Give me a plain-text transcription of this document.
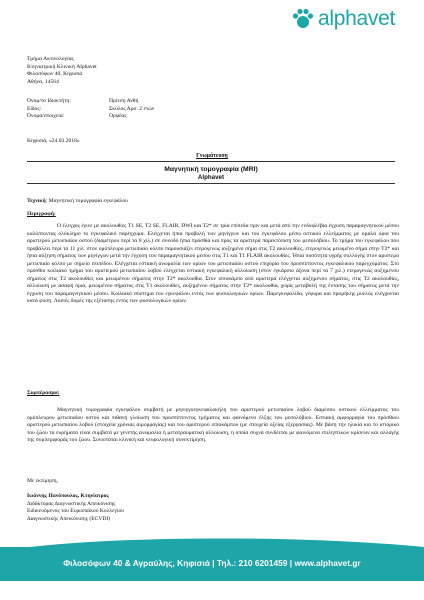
alphavet
Τμήμα Ακτινολογίας
Κτηνιατρική Κλινική Alphavet
Φιλοσόφων 40, Κηφισιά
Αθήνα, 14564
Όνομ/το Ιδιοκτήτη:	Πρίτση Ανθή
Είδος:	Σκύλος Αρσ. 2 ετών
Όνομα/στοιχεία:	Ορφέας
Κηφισιά, «24.03.2018»
Γνωμάτευση
Μαγνητική τομογραφία (MRI)
Alphavet
Τεχνική: Μαγνητική τομογραφία εγκεφάλου
Περιγραφή:
Ο έλεγχος έγινε με ακολουθίες T1 SE, T2 SE, FLAIR, DWI και T2* σε τρία επίπεδα πριν και μετά από την ενδοφλέβια έγχυση παραμαγνητικού μέσου καλύπτοντας ολόκληρο το εγκεφαλικό παρέγχυμα. Ελέγχεται ήπια προβολή των μηνίγγων και του εγκεφάλου μέσω οστικού ελλείμματος με ομαλά όρια του αριστερού μετωπιαίου οστού (διαμέτρου περί τα 8 χιλ.) σε συνοδό ήπια πρόσθια και προς τα αριστερά παρεκτόπιση του μεσολόβιου. Το τμήμα του εγκεφάλου που προβάλλει περί τα 11 χιλ. στον ομόπλευρο μετωπιαίο κόλπο παρουσιάζει ετερογενώς αυξημένο σήμα στις T2 ακολουθίες, ετερογενώς μειωμένο σήμα στην T2* και ήπια αύξηση σήματος των μηνίγγων μετά την έγχυση του παραμαγνητικού μέσου στις T1 και T1 FLAIR ακολουθίες. Ήπια ποσότητα υγρής συλλογής στον αριστερό μετωπιαίο κόλπο με σημείο επιπέδου. Ελέγχεται εστιακή ανωμαλία των ορίων του μετωπιαίου οστού επιχόρια του προσπίπτοντος εγκεφαλικού παρεγχύματος. Στο πρόσθιο κοιλιακό τμήμα του αριστερού μετωπιαίου λοβού ελέγχεται εστιακή εγκεφαλική αλλοίωση (στον εγκάρσιο άξονα περί τα 7 χιλ.) ετερογενώς αυξημένου σήματος στις T2 ακολουθίες και μειωμένου σήματος στην T2* ακολουθία. Στον ιπποκάμπο από αριστερά ελέγχεται αυξημένου σήματος, στις T2 ακολουθίες, αλλοίωση με ασαφή όρια, μειωμένου σήματος στις T1 ακολουθίες, αυξημένου σήματος στην T2* ακολουθία, χωρίς μεταβολή της έντασης του σήματος μετά την έγχυση του παραμαγνητικού μέσου. Κοιλιακό σύστημα του εγκεφάλου εντός των φυσιολογικών ορίων. Παρεγκεφαλίδα, γέφυρα και προμήκης μυελός ελέγχονται κατά φύση. Λοιπές δομές της εξέτασης εντός των φυσιολογικών ορίων.
Συμπέρασμα:
Μαγνητική τομογραφία εγκεφάλου συμβατή με μηνιγγοεγκεφαλοκήλη του αριστερού μετωπιαίου λοβού διαμέσου οστικού ελλείμματος του ομόπλευρου μετωπιαίου οστού και πιθανή γλοίωση του προσπίπτοντος τμήματος και φαινόμενο έλξης του μεσολόβιου. Εστιακή αμφορραγία του πρόσθιου αριστερού μετωπιαίου λοβού (στοιχεία χρόνιας αιμορραγίας) και του αριστερού ιπποκάμπου (με στοιχεία οξείας εξεργασίας). Με βάση την ηλικία και το ιστορικό του ζώου τα ευρήματα είναι συμβατά με γενετής ανωμαλία ή μετατραυματική αλλοίωση, η οποία συχνά συνδέεται με φαινόμενα επιληπτικών κρίσεων και αλλαγής της συμπεριφοράς του ζώου. Συνιστάται κλινική και νευρολογική συνεκτίμηση.
Με εκτίμηση,
Ιωάννης Πανόπουλος, Κτηνίατρος
Διδάκτορας Διαγνωστικής Απεικόνισης
Ειδικευόμενος του Ευρωπαϊκού Κολλεγίου
Διαγνωστικής Απεικόνισης (ECVDI)
Φιλοσόφων 40 & Αγραύλης, Κηφισιά | Τηλ.: 210 6201459 | www.alphavet.gr
